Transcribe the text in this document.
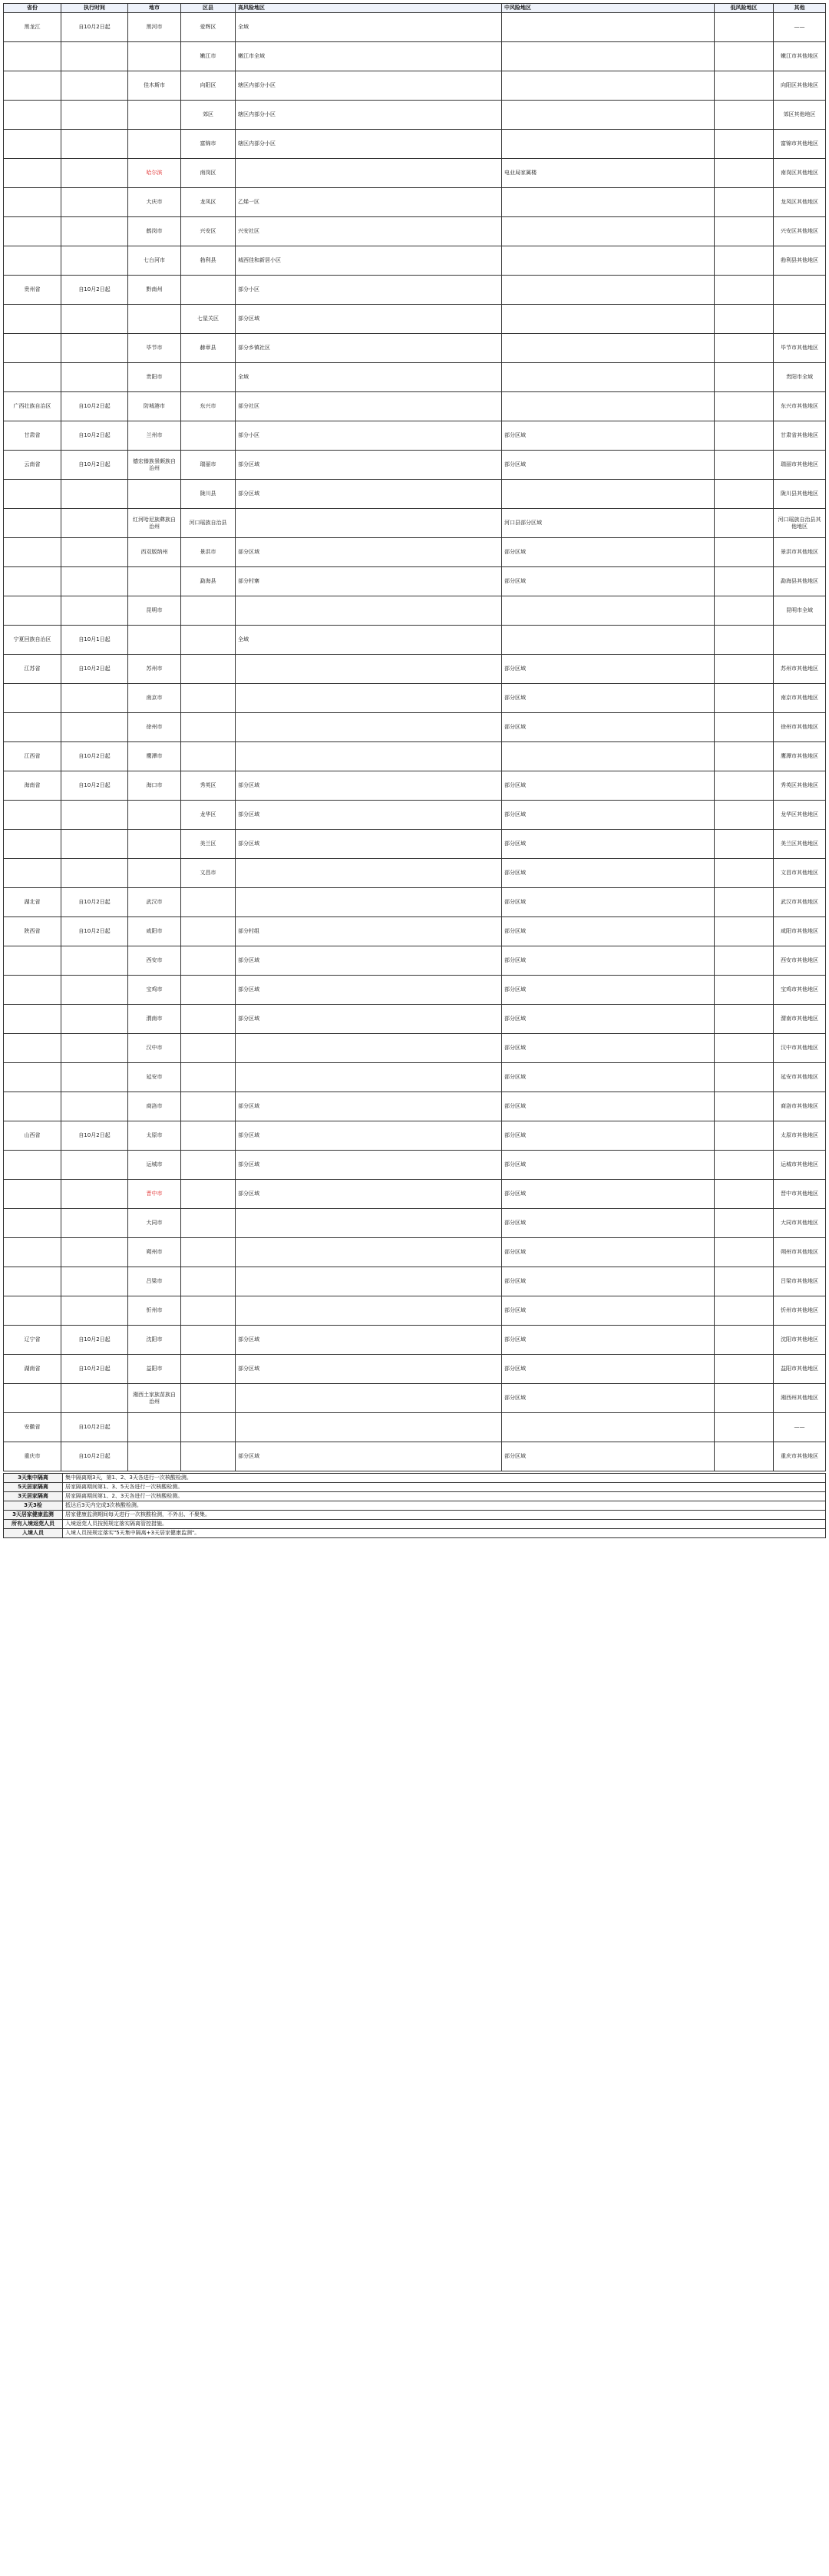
省份	执行时间	地市	区县	高风险地区	中风险地区	低风险地区	其他
黑龙江	自10月2日起	黑河市	爱辉区	全域			——
			嫩江市	嫩江市全域			嫩江市其他地区
		佳木斯市	向阳区	辖区内部分小区			向阳区其他地区
			郊区	辖区内部分小区			郊区其他地区
			富锦市	辖区内部分小区			富锦市其他地区
		哈尔滨	南岗区		电业局家属楼		南岗区其他地区
		大庆市	龙凤区	乙烯一区			龙凤区其他地区
		鹤岗市	兴安区	兴安社区			兴安区其他地区
		七台河市	勃利县	城西佳和新居小区			勃利县其他地区
贵州省	自10月2日起	黔南州		部分小区			
			七星关区	部分区域			
		毕节市	赫章县	部分乡镇社区			毕节市其他地区
		贵阳市		全域			贵阳市全域
广西壮族自治区	自10月2日起	防城港市	东兴市	部分社区			东兴市其他地区
甘肃省	自10月2日起	兰州市		部分小区	部分区域		甘肃省其他地区
云南省	自10月2日起	德宏傣族景颇族自治州	瑞丽市	部分区域	部分区域		瑞丽市其他地区
			陇川县	部分区域			陇川县其他地区
		红河哈尼族彝族自治州	河口瑶族自治县		河口县部分区域		河口瑶族自治县其他地区
		西双版纳州	景洪市	部分区域	部分区域		景洪市其他地区
			勐海县	部分村寨	部分区域		勐海县其他地区
		昆明市					昆明市全域
宁夏回族自治区	自10月1日起			全域			
江苏省	自10月2日起	苏州市			部分区域		苏州市其他地区
		南京市			部分区域		南京市其他地区
		徐州市			部分区域		徐州市其他地区
江西省	自10月2日起	鹰潭市					鹰潭市其他地区
海南省	自10月2日起	海口市	秀英区	部分区域	部分区域		秀英区其他地区
			龙华区	部分区域	部分区域		龙华区其他地区
			美兰区	部分区域	部分区域		美兰区其他地区
			文昌市		部分区域		文昌市其他地区
湖北省	自10月2日起	武汉市			部分区域		武汉市其他地区
陕西省	自10月2日起	咸阳市		部分村组	部分区域		咸阳市其他地区
		西安市		部分区域	部分区域		西安市其他地区
		宝鸡市		部分区域	部分区域		宝鸡市其他地区
		渭南市		部分区域	部分区域		渭南市其他地区
		汉中市			部分区域		汉中市其他地区
		延安市			部分区域		延安市其他地区
		商洛市		部分区域	部分区域		商洛市其他地区
山西省	自10月2日起	太原市		部分区域	部分区域		太原市其他地区
		运城市		部分区域	部分区域		运城市其他地区
		晋中市		部分区域	部分区域		晋中市其他地区
		大同市			部分区域		大同市其他地区
		朔州市			部分区域		朔州市其他地区
		吕梁市			部分区域		吕梁市其他地区
		忻州市			部分区域		忻州市其他地区
辽宁省	自10月2日起	沈阳市		部分区域	部分区域		沈阳市其他地区
湖南省	自10月2日起	益阳市		部分区域	部分区域		益阳市其他地区
		湘西土家族苗族自治州			部分区域		湘西州其他地区
安徽省	自10月2日起						——
重庆市	自10月2日起			部分区域	部分区域		重庆市其他地区
3天集中隔离	集中隔离期3天，第1、2、3天各进行一次核酸检测。
5天居家隔离	居家隔离期间第1、3、5天各进行一次核酸检测。
3天居家隔离	居家隔离期间第1、2、3天各进行一次核酸检测。
3天3检	抵达后3天内完成3次核酸检测。
3天居家健康监测	居家健康监测期间每天进行一次核酸检测，不外出、不聚集。
所有入境返莞人员	入境返莞人员按照规定落实隔离管控措施。
入境人员	入境人员按规定落实"5天集中隔离+3天居家健康监测"。
